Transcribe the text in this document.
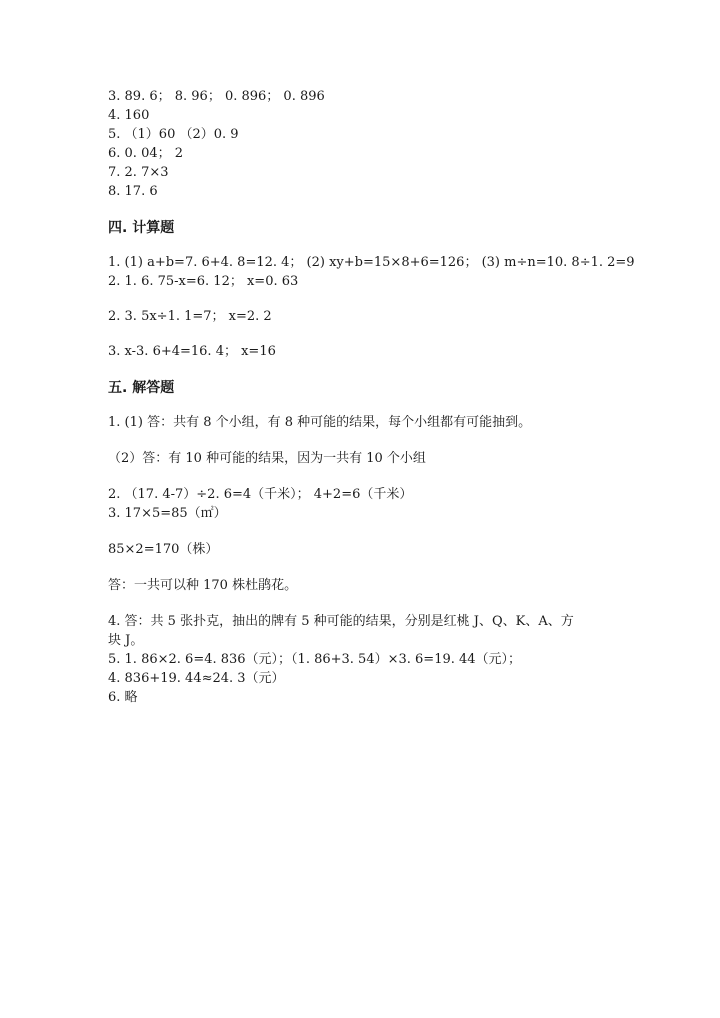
3. 89. 6； 8. 96； 0. 896； 0. 896
4. 160
5. （1）60 （2）0. 9
6. 0. 04； 2
7. 2. 7×3
8. 17. 6
四. 计算题
1. (1) a+b=7. 6+4. 8=12. 4； (2) xy+b=15×8+6=126； (3) m÷n=10. 8÷1. 2=9
2. 1. 6. 75-x=6. 12； x=0. 63
2. 3. 5x÷1. 1=7； x=2. 2
3. x-3. 6+4=16. 4； x=16
五. 解答题
1. (1) 答：共有 8 个小组，有 8 种可能的结果，每个小组都有可能抽到。
（2）答：有 10 种可能的结果，因为一共有 10 个小组
2. （17. 4-7）÷2. 6=4（千米）； 4+2=6（千米）
3. 17×5=85（㎡）
85×2=170（株）
答：一共可以种 170 株杜鹃花。
4. 答：共 5 张扑克，抽出的牌有 5 种可能的结果，分别是红桃 J、Q、K、A、方
块 J。
5. 1. 86×2. 6=4. 836（元）；（1. 86+3. 54）×3. 6=19. 44（元）；
4. 836+19. 44≈24. 3（元）
6. 略
